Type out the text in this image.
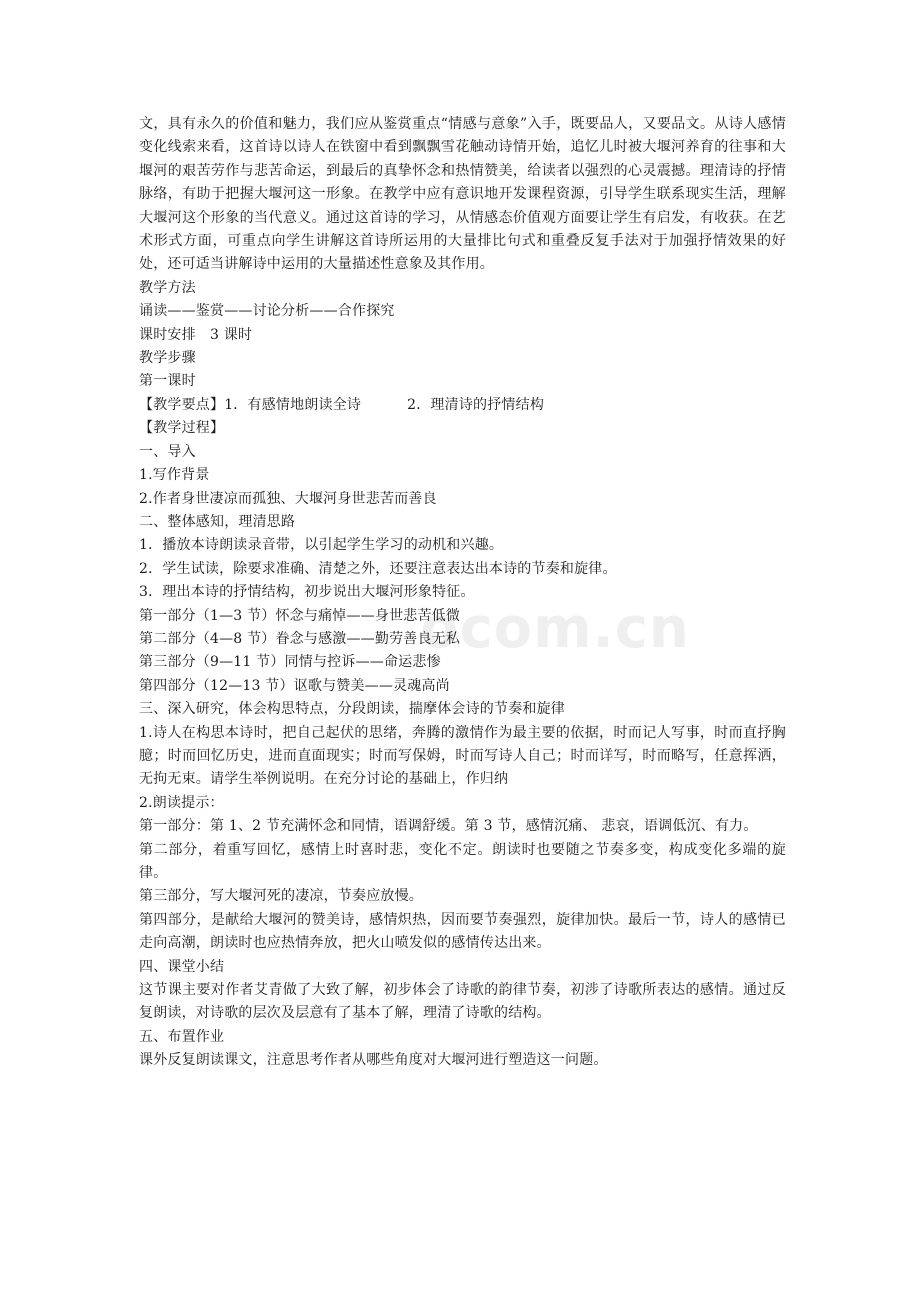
ocom.cn

文，具有永久的价值和魅力，我们应从鉴赏重点“情感与意象”入手，既要品人，又要品文。从诗人感情变化线索来看，这首诗以诗人在铁窗中看到飘飘雪花触动诗情开始，追忆儿时被大堰河养育的往事和大堰河的艰苦劳作与悲苦命运，到最后的真挚怀念和热情赞美，给读者以强烈的心灵震撼。理清诗的抒情脉络，有助于把握大堰河这一形象。在教学中应有意识地开发课程资源，引导学生联系现实生活，理解大堰河这个形象的当代意义。通过这首诗的学习，从情感态价值观方面要让学生有启发，有收获。在艺术形式方面，可重点向学生讲解这首诗所运用的大量排比句式和重叠反复手法对于加强抒情效果的好处，还可适当讲解诗中运用的大量描述性意象及其作用。

教学方法

诵读——鉴赏——讨论分析——合作探究

课时安排　3 课时

教学步骤

第一课时

【教学要点】1．有感情地朗读全诗	2．理清诗的抒情结构

【教学过程】

一、导入

1.写作背景

2.作者身世凄凉而孤独、大堰河身世悲苦而善良

二、整体感知，理清思路

1．播放本诗朗读录音带，以引起学生学习的动机和兴趣。

2．学生试读，除要求准确、清楚之外，还要注意表达出本诗的节奏和旋律。

3．理出本诗的抒情结构，初步说出大堰河形象特征。

第一部分（1—3 节）怀念与痛悼——身世悲苦低微

第二部分（4—8 节）眷念与感激——勤劳善良无私

第三部分（9—11 节）同情与控诉——命运悲惨

第四部分（12—13 节）讴歌与赞美——灵魂高尚

三、深入研究，体会构思特点，分段朗读，揣摩体会诗的节奏和旋律

1.诗人在构思本诗时，把自己起伏的思绪，奔腾的激情作为最主要的依据，时而记人写事，时而直抒胸臆；时而回忆历史，进而直面现实；时而写保姆，时而写诗人自己；时而详写，时而略写，任意挥洒，无拘无束。请学生举例说明。在充分讨论的基础上，作归纳

2.朗读提示：

第一部分：第 1、2 节充满怀念和同情，语调舒缓。第 3 节，感情沉痛、 悲哀，语调低沉、有力。

第二部分，着重写回忆，感情上时喜时悲，变化不定。朗读时也要随之节奏多变，构成变化多端的旋律。

第三部分，写大堰河死的凄凉，节奏应放慢。

第四部分，是献给大堰河的赞美诗，感情炽热，因而要节奏强烈，旋律加快。最后一节，诗人的感情已走向高潮，朗读时也应热情奔放，把火山喷发似的感情传达出来。

四、课堂小结

这节课主要对作者艾青做了大致了解，初步体会了诗歌的韵律节奏，初涉了诗歌所表达的感情。通过反复朗读，对诗歌的层次及层意有了基本了解，理清了诗歌的结构。

五、布置作业

课外反复朗读课文，注意思考作者从哪些角度对大堰河进行塑造这一问题。
